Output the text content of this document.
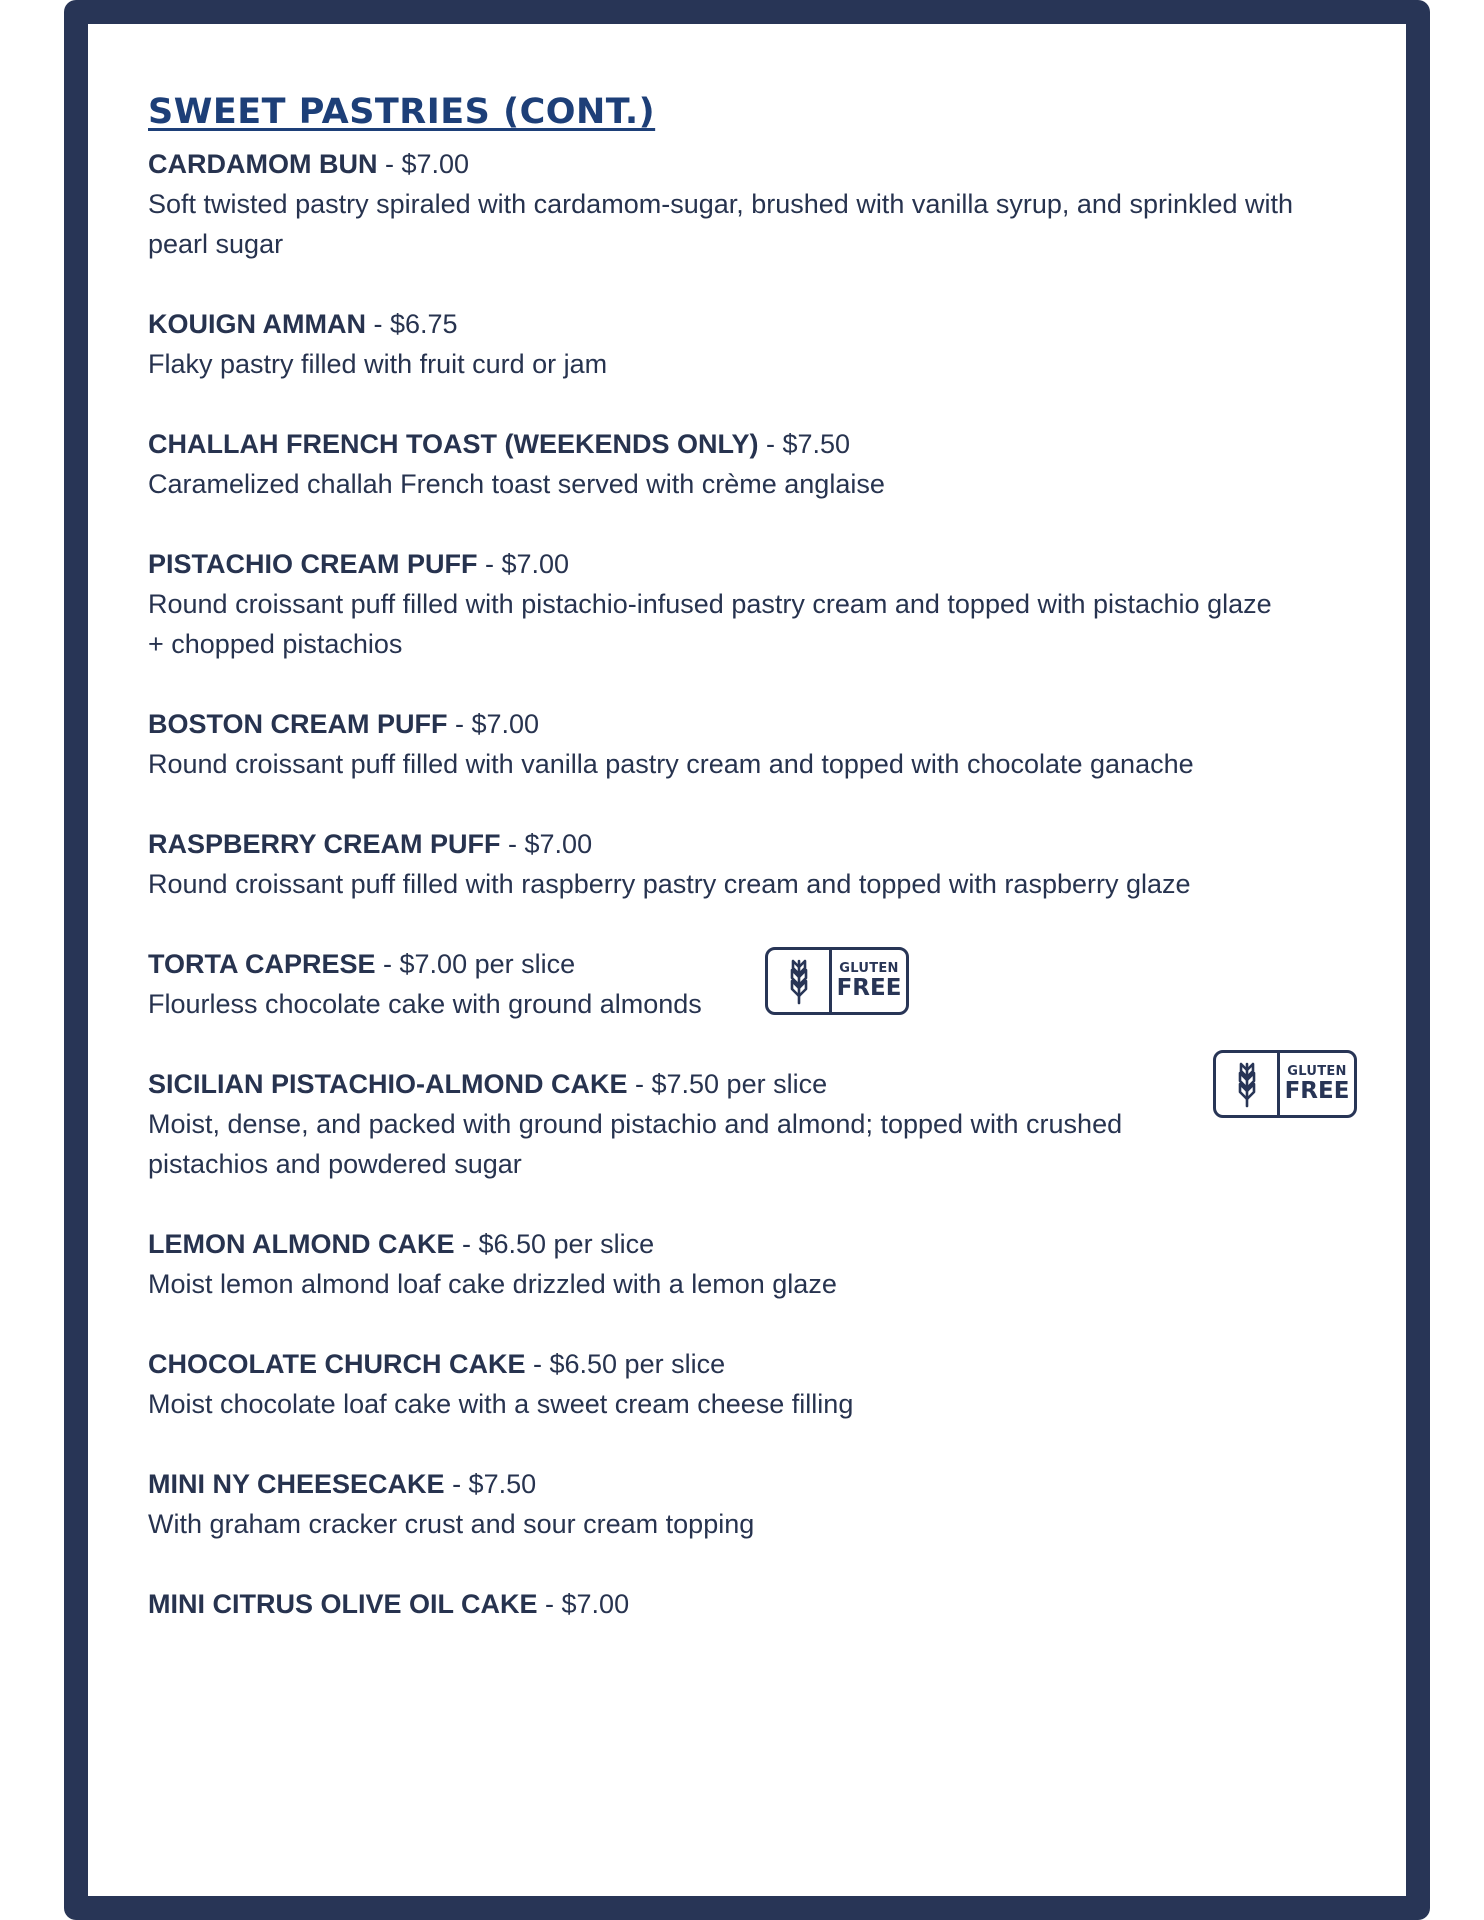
SWEET PASTRIES (CONT.)
CARDAMOM BUN - $7.00
Soft twisted pastry spiraled with cardamom-sugar, brushed with vanilla syrup, and sprinkled with pearl sugar
KOUIGN AMMAN - $6.75
Flaky pastry filled with fruit curd or jam
CHALLAH FRENCH TOAST (WEEKENDS ONLY) - $7.50
Caramelized challah French toast served with crème anglaise
PISTACHIO CREAM PUFF - $7.00
Round croissant puff filled with pistachio-infused pastry cream and topped with pistachio glaze + chopped pistachios
BOSTON CREAM PUFF - $7.00
Round croissant puff filled with vanilla pastry cream and topped with chocolate ganache
RASPBERRY CREAM PUFF - $7.00
Round croissant puff filled with raspberry pastry cream and topped with raspberry glaze
TORTA CAPRESE - $7.00 per slice
Flourless chocolate cake with ground almonds
GLUTEN
FREE
SICILIAN PISTACHIO-ALMOND CAKE - $7.50 per slice
Moist, dense, and packed with ground pistachio and almond; topped with crushed pistachios and powdered sugar
GLUTEN
FREE
LEMON ALMOND CAKE - $6.50 per slice
Moist lemon almond loaf cake drizzled with a lemon glaze
CHOCOLATE CHURCH CAKE - $6.50 per slice
Moist chocolate loaf cake with a sweet cream cheese filling
MINI NY CHEESECAKE - $7.50
With graham cracker crust and sour cream topping
MINI CITRUS OLIVE OIL CAKE - $7.00
